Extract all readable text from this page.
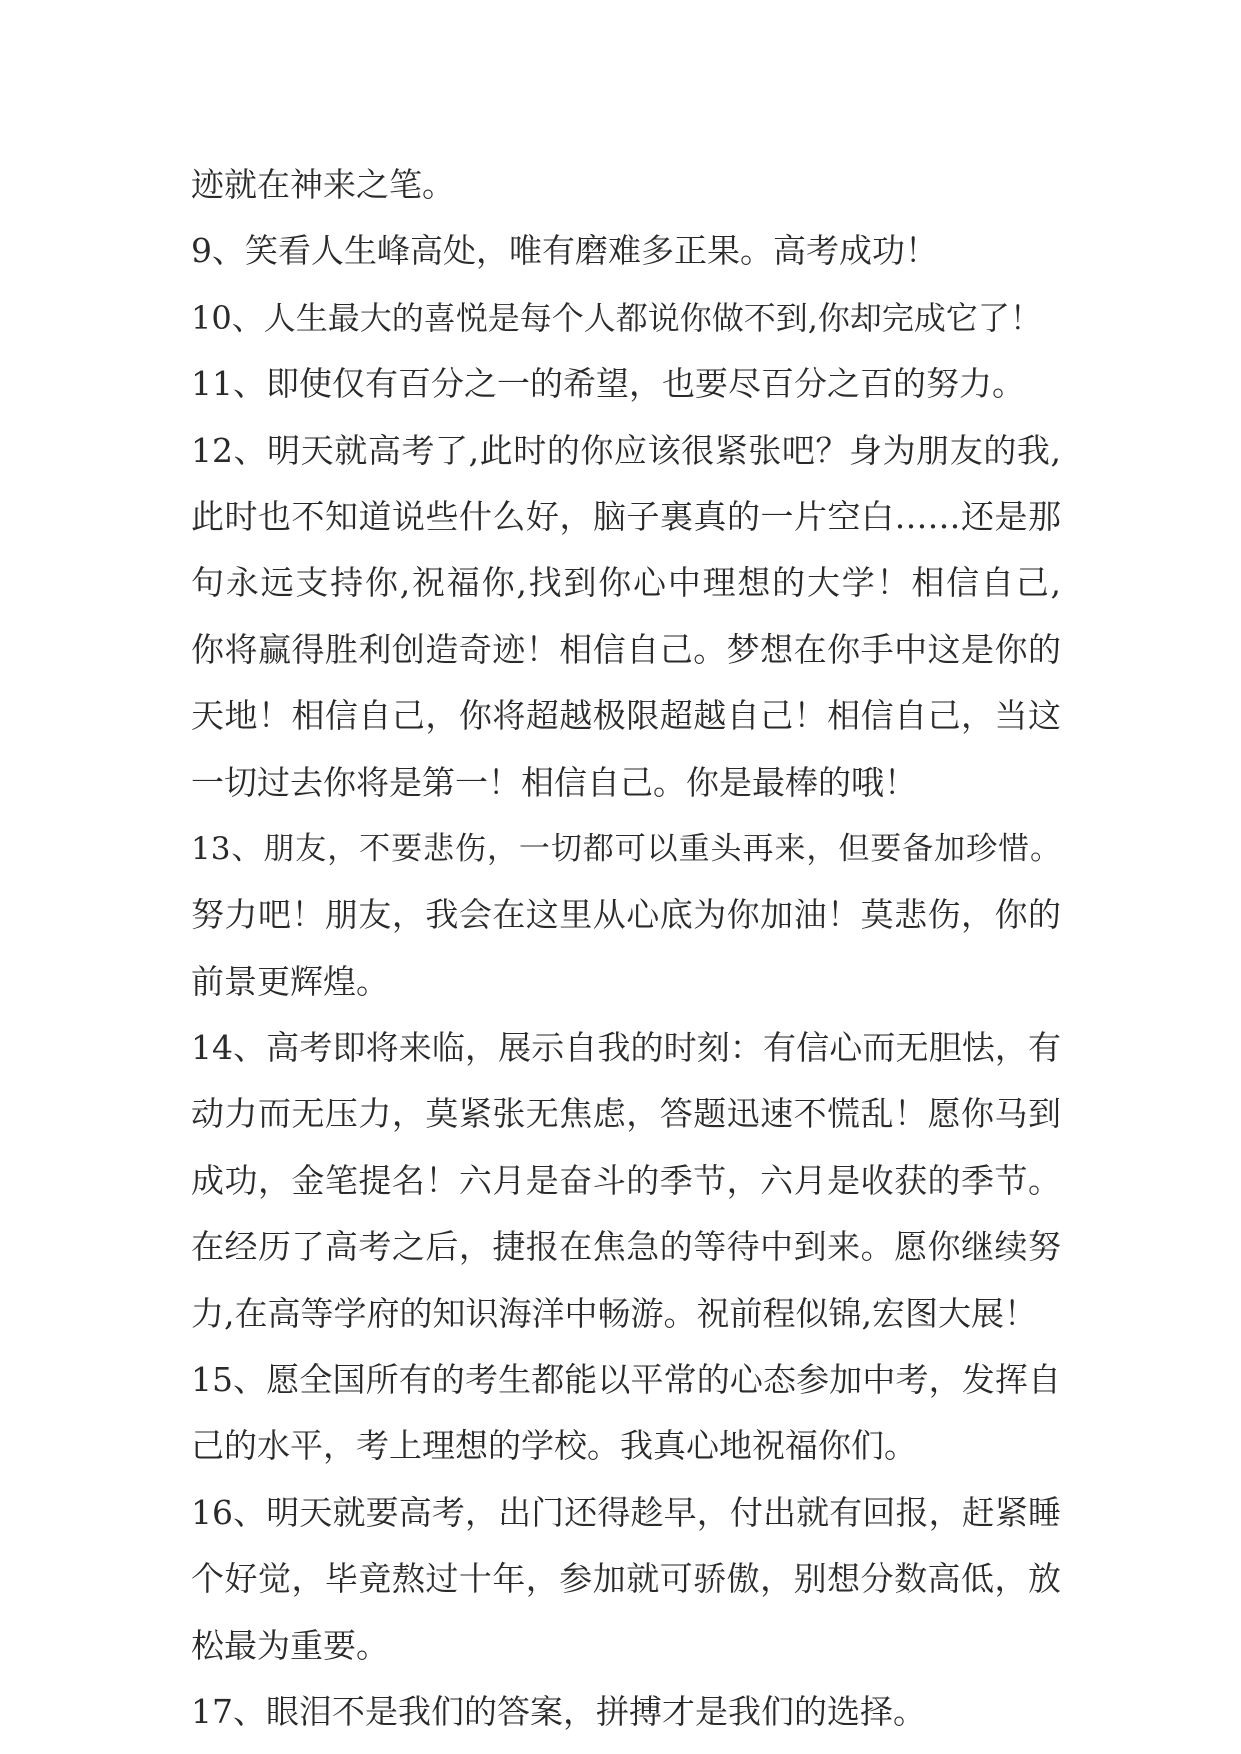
迹就在神来之笔。
9、笑看人生峰高处，唯有磨难多正果。高考成功！
10、人生最大的喜悦是每个人都说你做不到,你却完成它了！
11、即使仅有百分之一的希望，也要尽百分之百的努力。
12、明天就高考了,此时的你应该很紧张吧？身为朋友的我,
此时也不知道说些什么好，脑子裏真的一片空白……还是那
句永远支持你,祝福你,找到你心中理想的大学！相信自己,
你将赢得胜利创造奇迹！相信自己。梦想在你手中这是你的
天地！相信自己，你将超越极限超越自己！相信自己，当这
一切过去你将是第一！相信自己。你是最棒的哦！
13、朋友，不要悲伤，一切都可以重头再来，但要备加珍惜。
努力吧！朋友，我会在这里从心底为你加油！莫悲伤，你的
前景更辉煌。
14、高考即将来临，展示自我的时刻：有信心而无胆怯，有
动力而无压力，莫紧张无焦虑，答题迅速不慌乱！愿你马到
成功，金笔提名！六月是奋斗的季节，六月是收获的季节。
在经历了高考之后，捷报在焦急的等待中到来。愿你继续努
力,在高等学府的知识海洋中畅游。祝前程似锦,宏图大展！
15、愿全国所有的考生都能以平常的心态参加中考，发挥自
己的水平，考上理想的学校。我真心地祝福你们。
16、明天就要高考，出门还得趁早，付出就有回报，赶紧睡
个好觉，毕竟熬过十年，参加就可骄傲，别想分数高低，放
松最为重要。
17、眼泪不是我们的答案，拼搏才是我们的选择。
